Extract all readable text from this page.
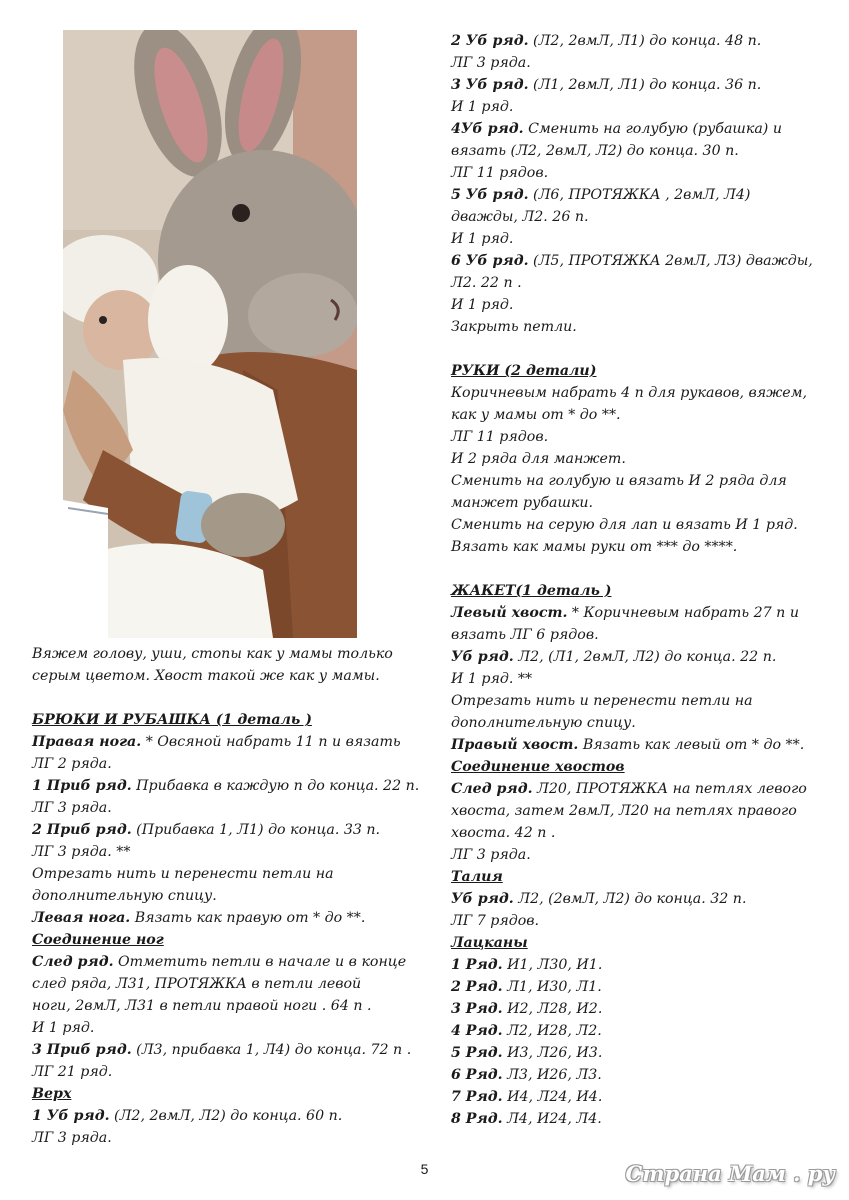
Вяжем голову, уши, стопы как у мамы только
серым цветом. Хвост такой же как у мамы.
БРЮКИ И РУБАШКА (1 деталь )
Правая нога. * Овсяной набрать 11 п и вязать
ЛГ 2 ряда.
1 Приб ряд. Прибавка в каждую п до конца. 22 п.
ЛГ 3 ряда.
2 Приб ряд. (Прибавка 1, Л1) до конца. 33 п.
ЛГ 3 ряда. **
Отрезать нить и перенести петли на
дополнительную спицу.
Левая нога. Вязать как правую от * до **.
Соединение ног
След ряд. Отметить петли в начале и в конце
след ряда, Л31, ПРОТЯЖКА в петли левой
ноги, 2вмЛ, Л31 в петли правой ноги . 64 п .
И 1 ряд.
3 Приб ряд. (Л3, прибавка 1, Л4) до конца. 72 п .
ЛГ 21 ряд.
Верх
1 Уб ряд. (Л2, 2вмЛ, Л2) до конца. 60 п.
ЛГ 3 ряда.
2 Уб ряд. (Л2, 2вмЛ, Л1) до конца. 48 п.
ЛГ 3 ряда.
3 Уб ряд. (Л1, 2вмЛ, Л1) до конца. 36 п.
И 1 ряд.
4Уб ряд. Сменить на голубую (рубашка) и
вязать (Л2, 2вмЛ, Л2) до конца. 30 п.
ЛГ 11 рядов.
5 Уб ряд. (Л6, ПРОТЯЖКА , 2вмЛ, Л4)
дважды, Л2. 26 п.
И 1 ряд.
6 Уб ряд. (Л5, ПРОТЯЖКА 2вмЛ, Л3) дважды,
Л2. 22 п .
И 1 ряд.
Закрыть петли.
РУКИ (2 детали)
Коричневым набрать 4 п для рукавов, вяжем,
как у мамы от * до **.
ЛГ 11 рядов.
И 2 ряда для манжет.
Сменить на голубую и вязать И 2 ряда для
манжет рубашки.
Сменить на серую для лап и вязать И 1 ряд.
Вязать как мамы руки от *** до ****.
ЖАКЕТ(1 деталь )
Левый хвост. * Коричневым набрать 27 п и
вязать ЛГ 6 рядов.
Уб ряд. Л2, (Л1, 2вмЛ, Л2) до конца. 22 п.
И 1 ряд. **
Отрезать нить и перенести петли на
дополнительную спицу.
Правый хвост. Вязать как левый от * до **.
Соединение хвостов
След ряд. Л20, ПРОТЯЖКА на петлях левого
хвоста, затем 2вмЛ, Л20 на петлях правого
хвоста. 42 п .
ЛГ 3 ряда.
Талия
Уб ряд. Л2, (2вмЛ, Л2) до конца. 32 п.
ЛГ 7 рядов.
Лацканы
1 Ряд. И1, Л30, И1.
2 Ряд. Л1, И30, Л1.
3 Ряд. И2, Л28, И2.
4 Ряд. Л2, И28, Л2.
5 Ряд. И3, Л26, И3.
6 Ряд. Л3, И26, Л3.
7 Ряд. И4, Л24, И4.
8 Ряд. Л4, И24, Л4.
5	Страна Мам . ру
